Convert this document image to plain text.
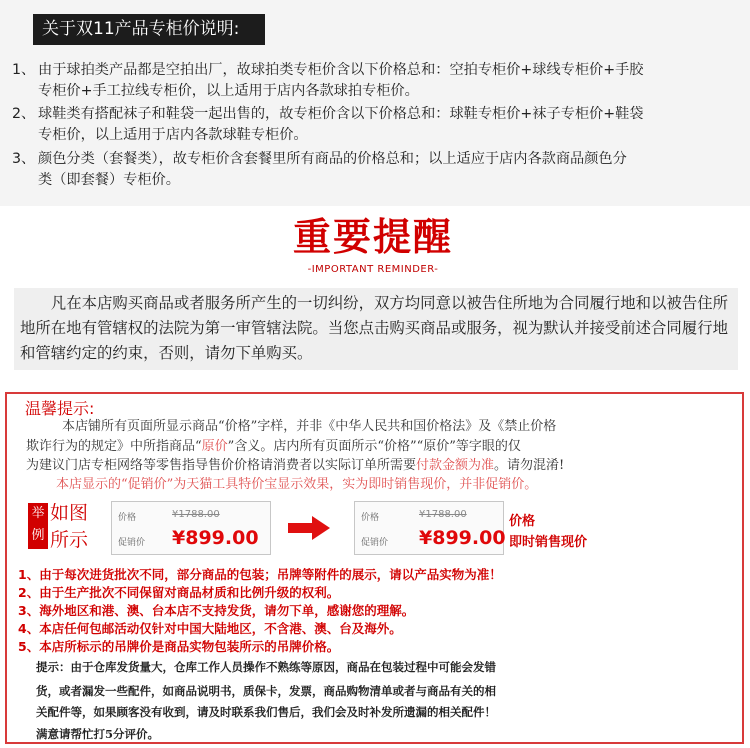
关于双11产品专柜价说明:
1、 由于球拍类产品都是空拍出厂，故球拍类专柜价含以下价格总和：空拍专柜价+球线专柜价+手胶
专柜价+手工拉线专柜价，以上适用于店内各款球拍专柜价。
2、 球鞋类有搭配袜子和鞋袋一起出售的，故专柜价含以下价格总和：球鞋专柜价+袜子专柜价+鞋袋
专柜价，以上适用于店内各款球鞋专柜价。
3、 颜色分类（套餐类），故专柜价含套餐里所有商品的价格总和；以上适应于店内各款商品颜色分
类（即套餐）专柜价。
重要提醒
-IMPORTANT REMINDER-
凡在本店购买商品或者服务所产生的一切纠纷，双方均同意以被告住所地为合同履行地和以被告住所地所在地有管辖权的法院为第一审管辖法院。当您点击购买商品或服务，视为默认并接受前述合同履行地和管辖约定的约束，否则，请勿下单购买。
温馨提示:
本店铺所有页面所显示商品“价格”字样，并非《中华人民共和国价格法》及《禁止价格
欺诈行为的规定》中所指商品“原价”含义。店内所有页面所示“价格”“原价”等字眼的仅
为建议门店专柜网络等零售指导售价价格请消费者以实际订单所需要付款金额为准。请勿混淆!
本店显示的“促销价”为天猫工具特价宝显示效果，实为即时销售现价，并非促销价。
举例
如图
所示
价格	¥1788.00
促销价 ¥899.00
价格	¥1788.00
促销价 ¥899.00
价格
即时销售现价
1、由于每次进货批次不同，部分商品的包装；吊牌等附件的展示，请以产品实物为准！
2、由于生产批次不同保留对商品材质和比例升级的权利。
3、海外地区和港、澳、台本店不支持发货，请勿下单，感谢您的理解。
4、本店任何包邮活动仅针对中国大陆地区，不含港、澳、台及海外。
5、本店所标示的吊牌价是商品实物包装所示的吊牌价格。
提示：由于仓库发货量大，仓库工作人员操作不熟练等原因，商品在包装过程中可能会发错
货，或者漏发一些配件，如商品说明书，质保卡，发票，商品购物清单或者与商品有关的相
关配件等，如果顾客没有收到，请及时联系我们售后，我们会及时补发所遗漏的相关配件！
满意请帮忙打5分评价。
